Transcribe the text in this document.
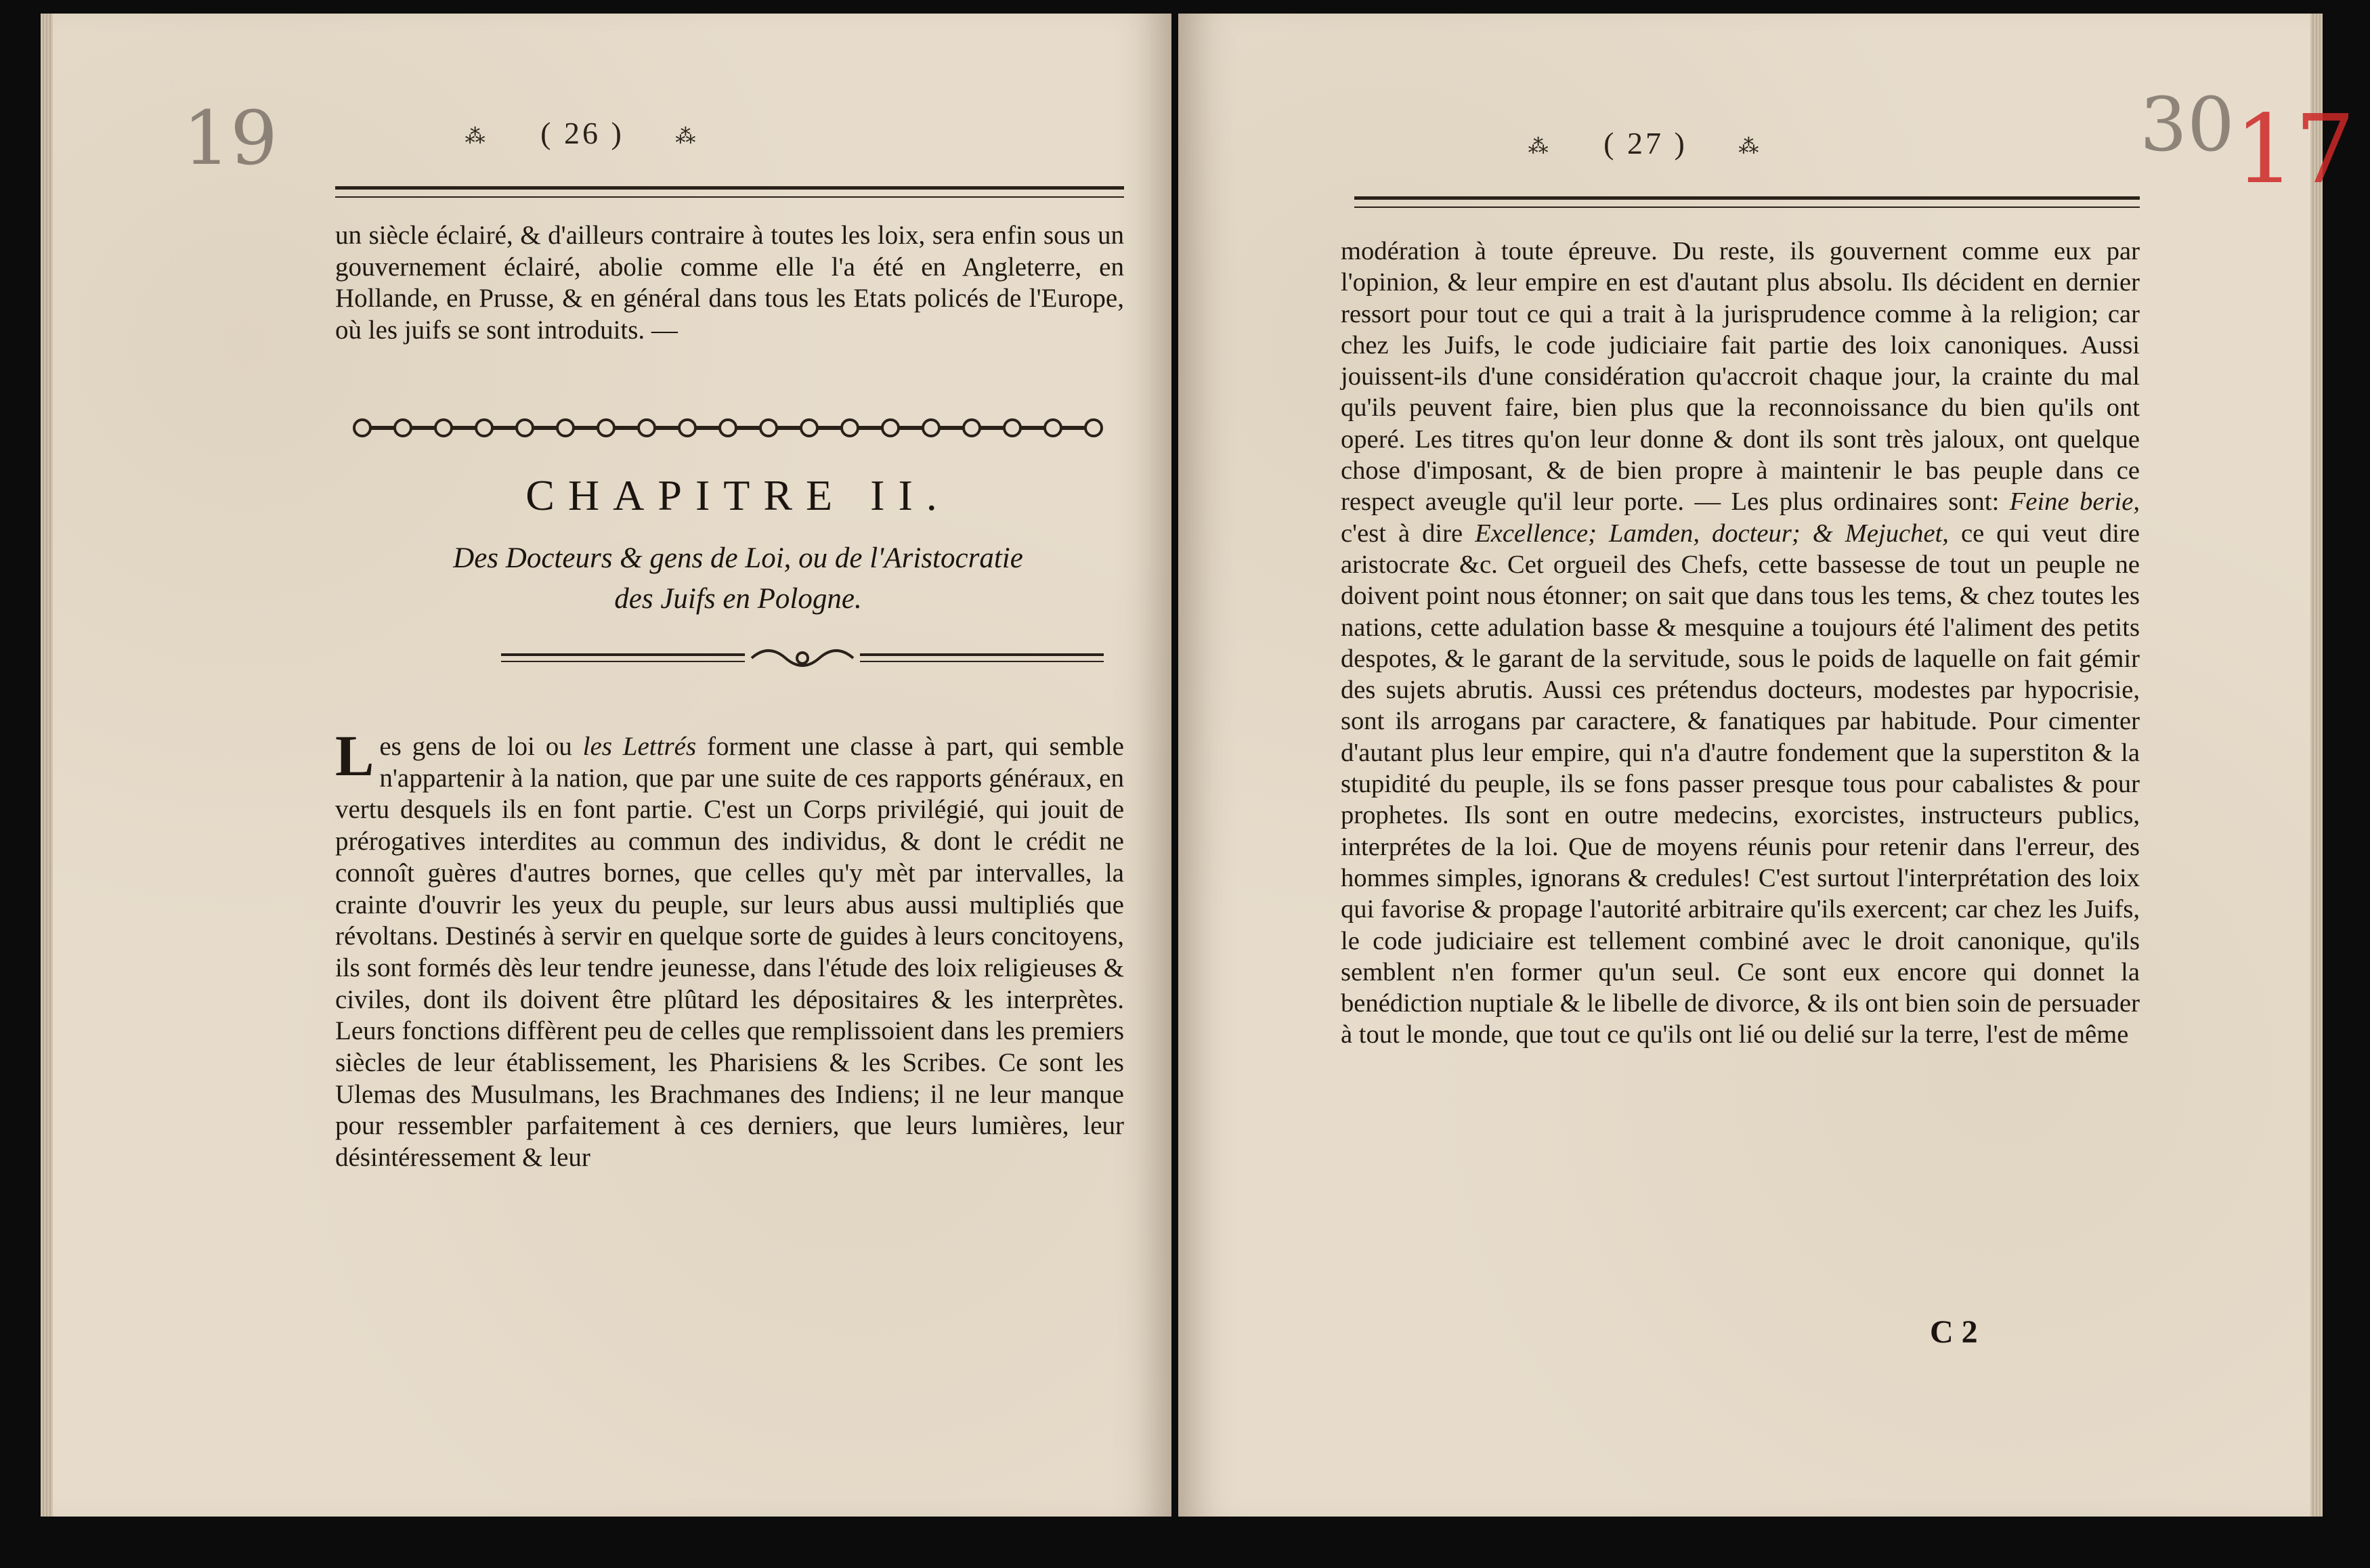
19	⁂ ( 26 )	⁂

un siècle éclairé, & d'ailleurs contraire à toutes les loix, sera enfin sous un gouvernement éclairé, abolie comme elle l'a été en Angleterre, en Hollande, en Prusse, & en général dans tous les Etats policés de l'Europe, où les juifs se sont introduits. —

CHAPITRE II.
Des Docteurs & gens de Loi, ou de l'Aristocratie
des Juifs en Pologne.

Les gens de loi ou les Lettrés forment une classe à part, qui semble n'appartenir à la nation, que par une suite de ces rapports généraux, en vertu desquels ils en font partie. C'est un Corps privilégié, qui jouit de prérogatives interdites au commun des individus, & dont le crédit ne connoît guères d'autres bornes, que celles qu'y mèt par intervalles, la crainte d'ouvrir les yeux du peuple, sur leurs abus aussi multipliés que révoltans. Destinés à servir en quelque sorte de guides à leurs concitoyens, ils sont formés dès leur tendre jeunesse, dans l'étude des loix religieuses & civiles, dont ils doivent être plûtard les dépositaires & les interprètes. Leurs fonctions diffèrent peu de celles que remplissoient dans les premiers siècles de leur établissement, les Pharisiens & les Scribes. Ce sont les Ulemas des Musulmans, les Brachmanes des Indiens; il ne leur manque pour ressembler parfaitement à ces derniers, que leurs lumières, leur désintéressement & leur

30 17
⁂ ( 27 )	⁂

modération à toute épreuve. Du reste, ils gouvernent comme eux par l'opinion, & leur empire en est d'autant plus absolu. Ils décident en dernier ressort pour tout ce qui a trait à la jurisprudence comme à la religion; car chez les Juifs, le code judiciaire fait partie des loix canoniques. Aussi jouissent-ils d'une considération qu'accroit chaque jour, la crainte du mal qu'ils peuvent faire, bien plus que la reconnoissance du bien qu'ils ont operé. Les titres qu'on leur donne & dont ils sont très jaloux, ont quelque chose d'imposant, & de bien propre à maintenir le bas peuple dans ce respect aveugle qu'il leur porte. — Les plus ordinaires sont: Feine berie, c'est à dire Excellence; Lamden, docteur; & Mejuchet, ce qui veut dire aristocrate &c. Cet orgueil des Chefs, cette bassesse de tout un peuple ne doivent point nous étonner; on sait que dans tous les tems, & chez toutes les nations, cette adulation basse & mesquine a toujours été l'aliment des petits despotes, & le garant de la servitude, sous le poids de laquelle on fait gémir des sujets abrutis. Aussi ces prétendus docteurs, modestes par hypocrisie, sont ils arrogans par caractere, & fanatiques par habitude. Pour cimenter d'autant plus leur empire, qui n'a d'autre fondement que la superstiton & la stupidité du peuple, ils se fons passer presque tous pour cabalistes & pour prophetes. Ils sont en outre medecins, exorcistes, instructeurs publics, interprétes de la loi. Que de moyens réunis pour retenir dans l'erreur, des hommes simples, ignorans & credules! C'est surtout l'interprétation des loix qui favorise & propage l'autorité arbitraire qu'ils exercent; car chez les Juifs, le code judiciaire est tellement combiné avec le droit canonique, qu'ils semblent n'en former qu'un seul. Ce sont eux encore qui donnet la benédiction nuptiale & le libelle de divorce, & ils ont bien soin de persuader à tout le monde, que tout ce qu'ils ont lié ou delié sur la terre, l'est de même

C 2
